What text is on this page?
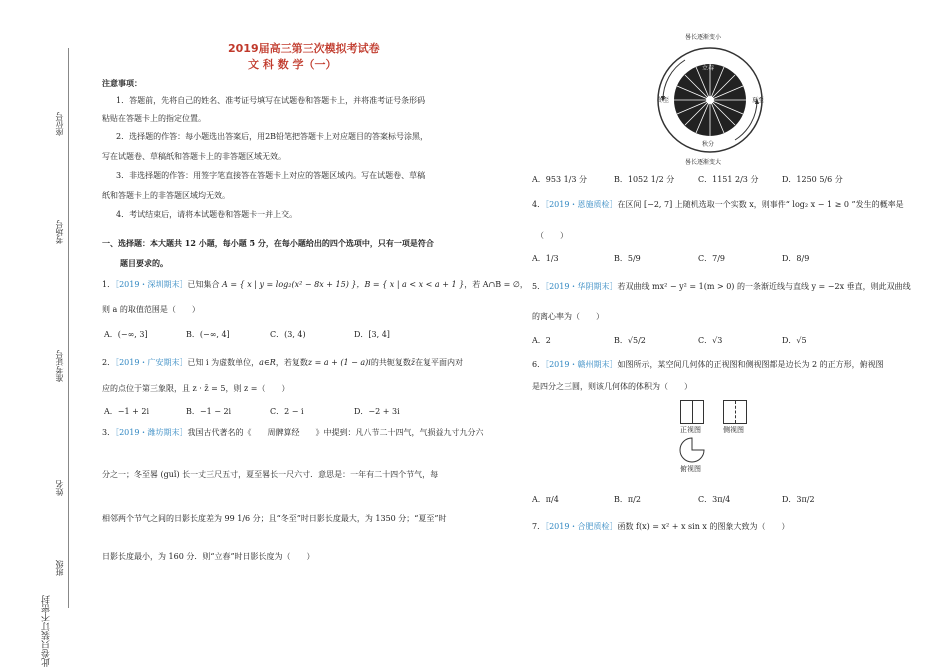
座位号
考场号
准考证号
姓名
班级
此卷只装订不密封
2019届高三第三次模拟考试卷
文 科 数 学（一）
注意事项：
1．答题前，先将自己的姓名、准考证号填写在试题卷和答题卡上，并将准考证号条形码
粘贴在答题卡上的指定位置。
2．选择题的作答：每小题选出答案后，用2B铅笔把答题卡上对应题目的答案标号涂黑，
写在试题卷、草稿纸和答题卡上的非答题区域无效。
3．非选择题的作答：用签字笔直接答在答题卡上对应的答题区域内。写在试题卷、草稿
纸和答题卡上的非答题区域均无效。
4．考试结束后，请将本试题卷和答题卡一并上交。
一、选择题：本大题共 12 小题，每小题 5 分，在每小题给出的四个选项中，只有一项是符合
题目要求的。
1．［2019・深圳期末］已知集合 A = { x | y = log₂(x² − 8x + 15) }，B = { x | a < x < a + 1 }，若 A∩B = ∅，
则 a 的取值范围是（　　）
A．(−∞, 3]	B．(−∞, 4]	C．(3, 4)	D．[3, 4]
2．［2019・广安期末］已知 i 为虚数单位，a∈R，若复数z = a + (1 − a)i的共轭复数z̄在复平面内对
应的点位于第三象限，且 z · z̄ = 5，则 z =（　　）
A．−1 + 2i	B．−1 − 2i	C．2 − i	D．−2 + 3i
3．［2019・潍坊期末］我国古代著名的《　　周髀算经　　》中提到：凡八节二十四气，气损益九寸九分六
分之一；冬至晷 (guǐ) 长一丈三尺五寸，夏至晷长一尺六寸．意思是：一年有二十四个节气，每
相邻两个节气之间的日影长度差为 99 1/6 分；且“冬至”时日影长度最大，为 1350 分；“夏至”时
日影长度最小，为 160 分．则“立春”时日影长度为（　　）
晷长逐渐变小
晷长逐渐变大
冬至	夏至
立春
秋分
A．953 1/3 分	B．1052 1/2 分	C．1151 2/3 分	D．1250 5/6 分
4．［2019・恩施质检］在区间 [−2, 7] 上随机选取一个实数 x，则事件“ log₂ x − 1 ≥ 0 ”发生的概率是
（　　）
A．1/3	B．5/9	C．7/9	D．8/9
5．［2019・华阴期末］若双曲线 mx² − y² = 1(m > 0) 的一条渐近线与直线 y = −2x 垂直，则此双曲线
的离心率为（　　）
A．2	B．√5/2	C．√3	D．√5
6．［2019・赣州期末］如图所示，某空间几何体的正视图和侧视图都是边长为 2 的正方形，俯视图
是四分之三圆，则该几何体的体积为（　　）
正视图	侧视图
俯视图
A．π/4	B．π/2	C．3π/4	D．3π/2
7．［2019・合肥质检］函数 f(x) = x² + x sin x 的图象大致为（　　）
